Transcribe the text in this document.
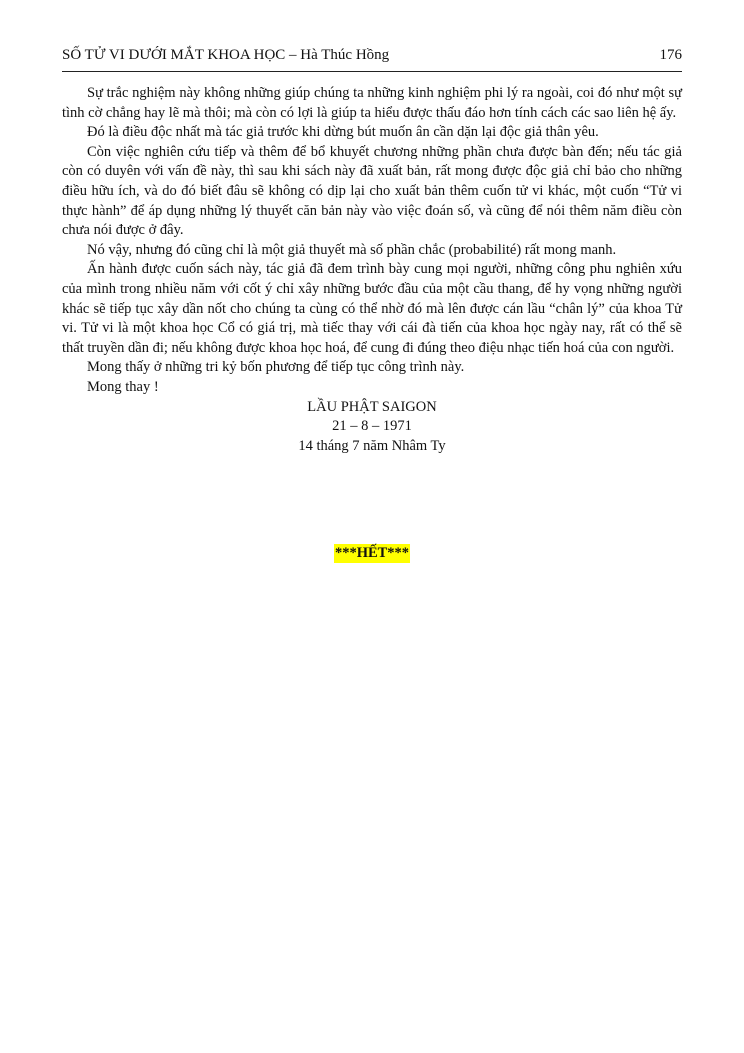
SỐ TỬ VI DƯỚI MẮT KHOA HỌC – Hà Thúc Hồng	176

Sự trắc nghiệm này không những giúp chúng ta những kinh nghiệm phi lý ra ngoài, coi đó như một sự tình cờ chẳng hay lẽ mà thôi; mà còn có lợi là giúp ta hiểu được thấu đáo hơn tính cách các sao liên hệ ấy.

Đó là điều độc nhất mà tác giả trước khi dừng bút muốn ân cần dặn lại độc giả thân yêu.

Còn việc nghiên cứu tiếp và thêm để bổ khuyết chương những phần chưa được bàn đến; nếu tác giả còn có duyên với vấn đề này, thì sau khi sách này đã xuất bản, rất mong được độc giả chỉ bảo cho những điều hữu ích, và do đó biết đâu sẽ không có dịp lại cho xuất bản thêm cuốn tử vi khác, một cuốn “Tử vi thực hành” để áp dụng những lý thuyết căn bản này vào việc đoán số, và cũng để nói thêm năm điều còn chưa nói được ở đây.

Nó vậy, nhưng đó cũng chỉ là một giả thuyết mà số phần chắc (probabilité) rất mong manh.

Ấn hành được cuốn sách này, tác giả đã đem trình bày cung mọi người, những công phu nghiên xứu của mình trong nhiều năm với cốt ý chỉ xây những bước đầu của một cầu thang, để hy vọng những người khác sẽ tiếp tục xây dần nốt cho chúng ta cùng có thể nhờ đó mà lên được cán lầu “chân lý” của khoa Tử vi. Tử vi là một khoa học Cổ có giá trị, mà tiếc thay với cái đà tiến của khoa học ngày nay, rất có thể sẽ thất truyền dần đi; nếu không được khoa học hoá, để cung đi đúng theo điệu nhạc tiến hoá của con người.

Mong thấy ở những tri kỷ bốn phương để tiếp tục công trình này.

Mong thay !

LẦU PHẬT SAIGON
21 – 8 – 1971
14 tháng 7 năm Nhâm Ty
***HẾT***
